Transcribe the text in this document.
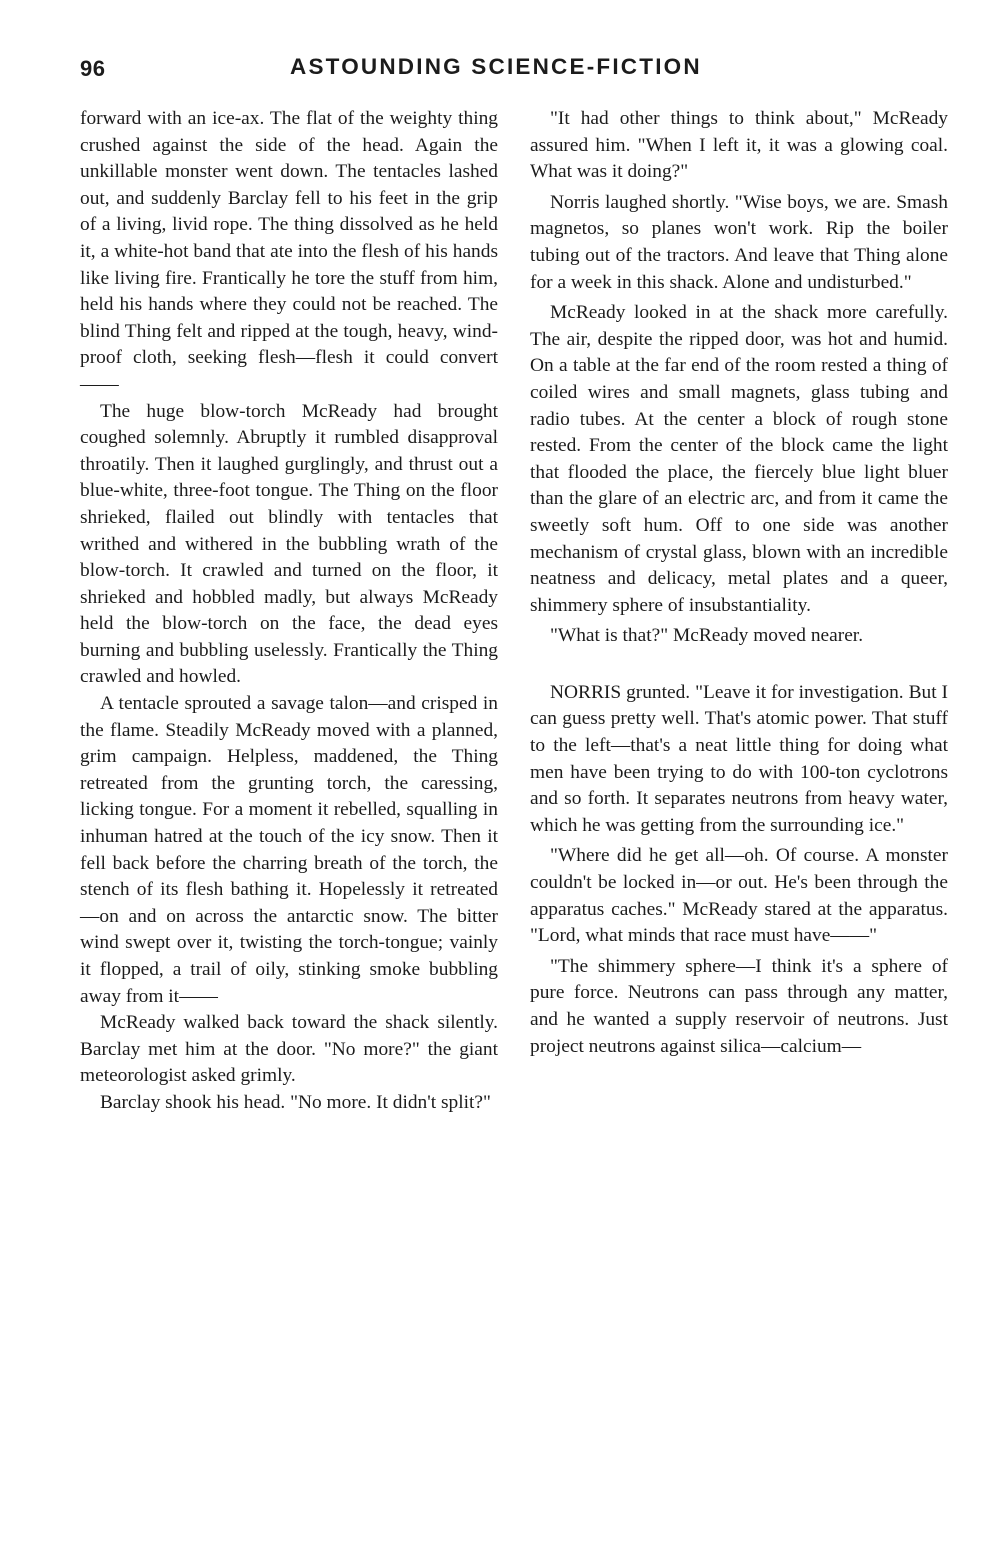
96	ASTOUNDING SCIENCE-FICTION

forward with an ice-ax. The flat of the weighty thing crushed against the side of the head. Again the unkillable monster went down. The tentacles lashed out, and suddenly Barclay fell to his feet in the grip of a living, livid rope. The thing dissolved as he held it, a white-hot band that ate into the flesh of his hands like living fire. Frantically he tore the stuff from him, held his hands where they could not be reached. The blind Thing felt and ripped at the tough, heavy, wind-proof cloth, seeking flesh—flesh it could convert——

The huge blow-torch McReady had brought coughed solemnly. Abruptly it rumbled disapproval throatily. Then it laughed gurglingly, and thrust out a blue-white, three-foot tongue. The Thing on the floor shrieked, flailed out blindly with tentacles that writhed and withered in the bubbling wrath of the blow-torch. It crawled and turned on the floor, it shrieked and hobbled madly, but always McReady held the blow-torch on the face, the dead eyes burning and bubbling uselessly. Frantically the Thing crawled and howled.

A tentacle sprouted a savage talon—and crisped in the flame. Steadily McReady moved with a planned, grim campaign. Helpless, maddened, the Thing retreated from the grunting torch, the caressing, licking tongue. For a moment it rebelled, squalling in inhuman hatred at the touch of the icy snow. Then it fell back before the charring breath of the torch, the stench of its flesh bathing it. Hopelessly it retreated—on and on across the antarctic snow. The bitter wind swept over it, twisting the torch-tongue; vainly it flopped, a trail of oily, stinking smoke bubbling away from it——

McReady walked back toward the shack silently. Barclay met him at the door. "No more?" the giant meteorologist asked grimly.

Barclay shook his head. "No more. It didn't split?"

"It had other things to think about," McReady assured him. "When I left it, it was a glowing coal. What was it doing?"

Norris laughed shortly. "Wise boys, we are. Smash magnetos, so planes won't work. Rip the boiler tubing out of the tractors. And leave that Thing alone for a week in this shack. Alone and undisturbed."

McReady looked in at the shack more carefully. The air, despite the ripped door, was hot and humid. On a table at the far end of the room rested a thing of coiled wires and small magnets, glass tubing and radio tubes. At the center a block of rough stone rested. From the center of the block came the light that flooded the place, the fiercely blue light bluer than the glare of an electric arc, and from it came the sweetly soft hum. Off to one side was another mechanism of crystal glass, blown with an incredible neatness and delicacy, metal plates and a queer, shimmery sphere of insubstantiality.

"What is that?" McReady moved nearer.

NORRIS grunted. "Leave it for investigation. But I can guess pretty well. That's atomic power. That stuff to the left—that's a neat little thing for doing what men have been trying to do with 100-ton cyclotrons and so forth. It separates neutrons from heavy water, which he was getting from the surrounding ice."

"Where did he get all—oh. Of course. A monster couldn't be locked in—or out. He's been through the apparatus caches." McReady stared at the apparatus. "Lord, what minds that race must have——"

"The shimmery sphere—I think it's a sphere of pure force. Neutrons can pass through any matter, and he wanted a supply reservoir of neutrons. Just project neutrons against silica—calcium—
